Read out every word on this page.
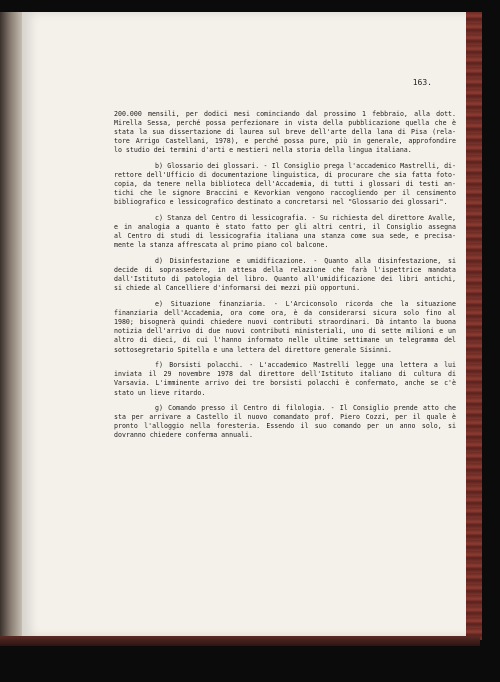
163.
200.000 mensili, per dodici mesi cominciando dal prossimo 1 febbraio, alla dott.
Mirella Sessa, perché possa perfezionare in vista della pubblicazione quella che è
stata la sua dissertazione di laurea sul breve dell'arte della lana di Pisa (rela-
tore Arrigo Castellani, 1978), e perché possa pure, più in generale, approfondire
lo studio dei termini d'arti e mestieri nella storia della lingua italiana.
b) Glossario dei glossari. - Il Consiglio prega l'accademico Mastrelli, di-
rettore dell'Ufficio di documentazione linguistica, di procurare che sia fatta foto-
copia, da tenere nella biblioteca dell'Accademia, di tutti i glossari di testi an-
tichi che le signore Braccini e Kevorkian vengono raccogliendo per il censimento
bibliografico e lessicografico destinato a concretarsi nel "Glossario dei glossari".
c) Stanza del Centro di lessicografia. - Su richiesta del direttore Avalle,
e in analogia a quanto è stato fatto per gli altri centri, il Consiglio assegna
al Centro di studi di lessicografia italiana una stanza come sua sede, e precisa-
mente la stanza affrescata al primo piano col balcone.
d) Disinfestazione e umidificazione. - Quanto alla disinfestazione, si
decide di soprassedere, in attesa della relazione che farà l'ispettrice mandata
dall'Istituto di patologia del libro. Quanto all'umidificazione dei libri antichi,
si chiede al Cancelliere d'informarsi dei mezzi più opportuni.
e) Situazione finanziaria. - L'Arciconsolo ricorda che la situazione
finanziaria dell'Accademia, ora come ora, è da considerarsi sicura solo fino al
1980; bisognerà quindi chiedere nuovi contributi straordinari. Dà intanto la buona
notizia dell'arrivo di due nuovi contributi ministeriali, uno di sette milioni e un
altro di dieci, di cui l'hanno informato nelle ultime settimane un telegramma del
sottosegretario Spitella e una lettera del direttore generale Sisinni.
f) Borsisti polacchi. - L'accademico Mastrelli legge una lettera a lui
inviata il 29 novembre 1978 dal direttore dell'Istituto italiano di cultura di
Varsavia. L'imminente arrivo dei tre borsisti polacchi è confermato, anche se c'è
stato un lieve ritardo.
g) Comando presso il Centro di filologia. - Il Consiglio prende atto che
sta per arrivare a Castello il nuovo comandato prof. Piero Cozzi, per il quale è
pronto l'alloggio nella foresteria. Essendo il suo comando per un anno solo, si
dovranno chiedere conferma annuali.
